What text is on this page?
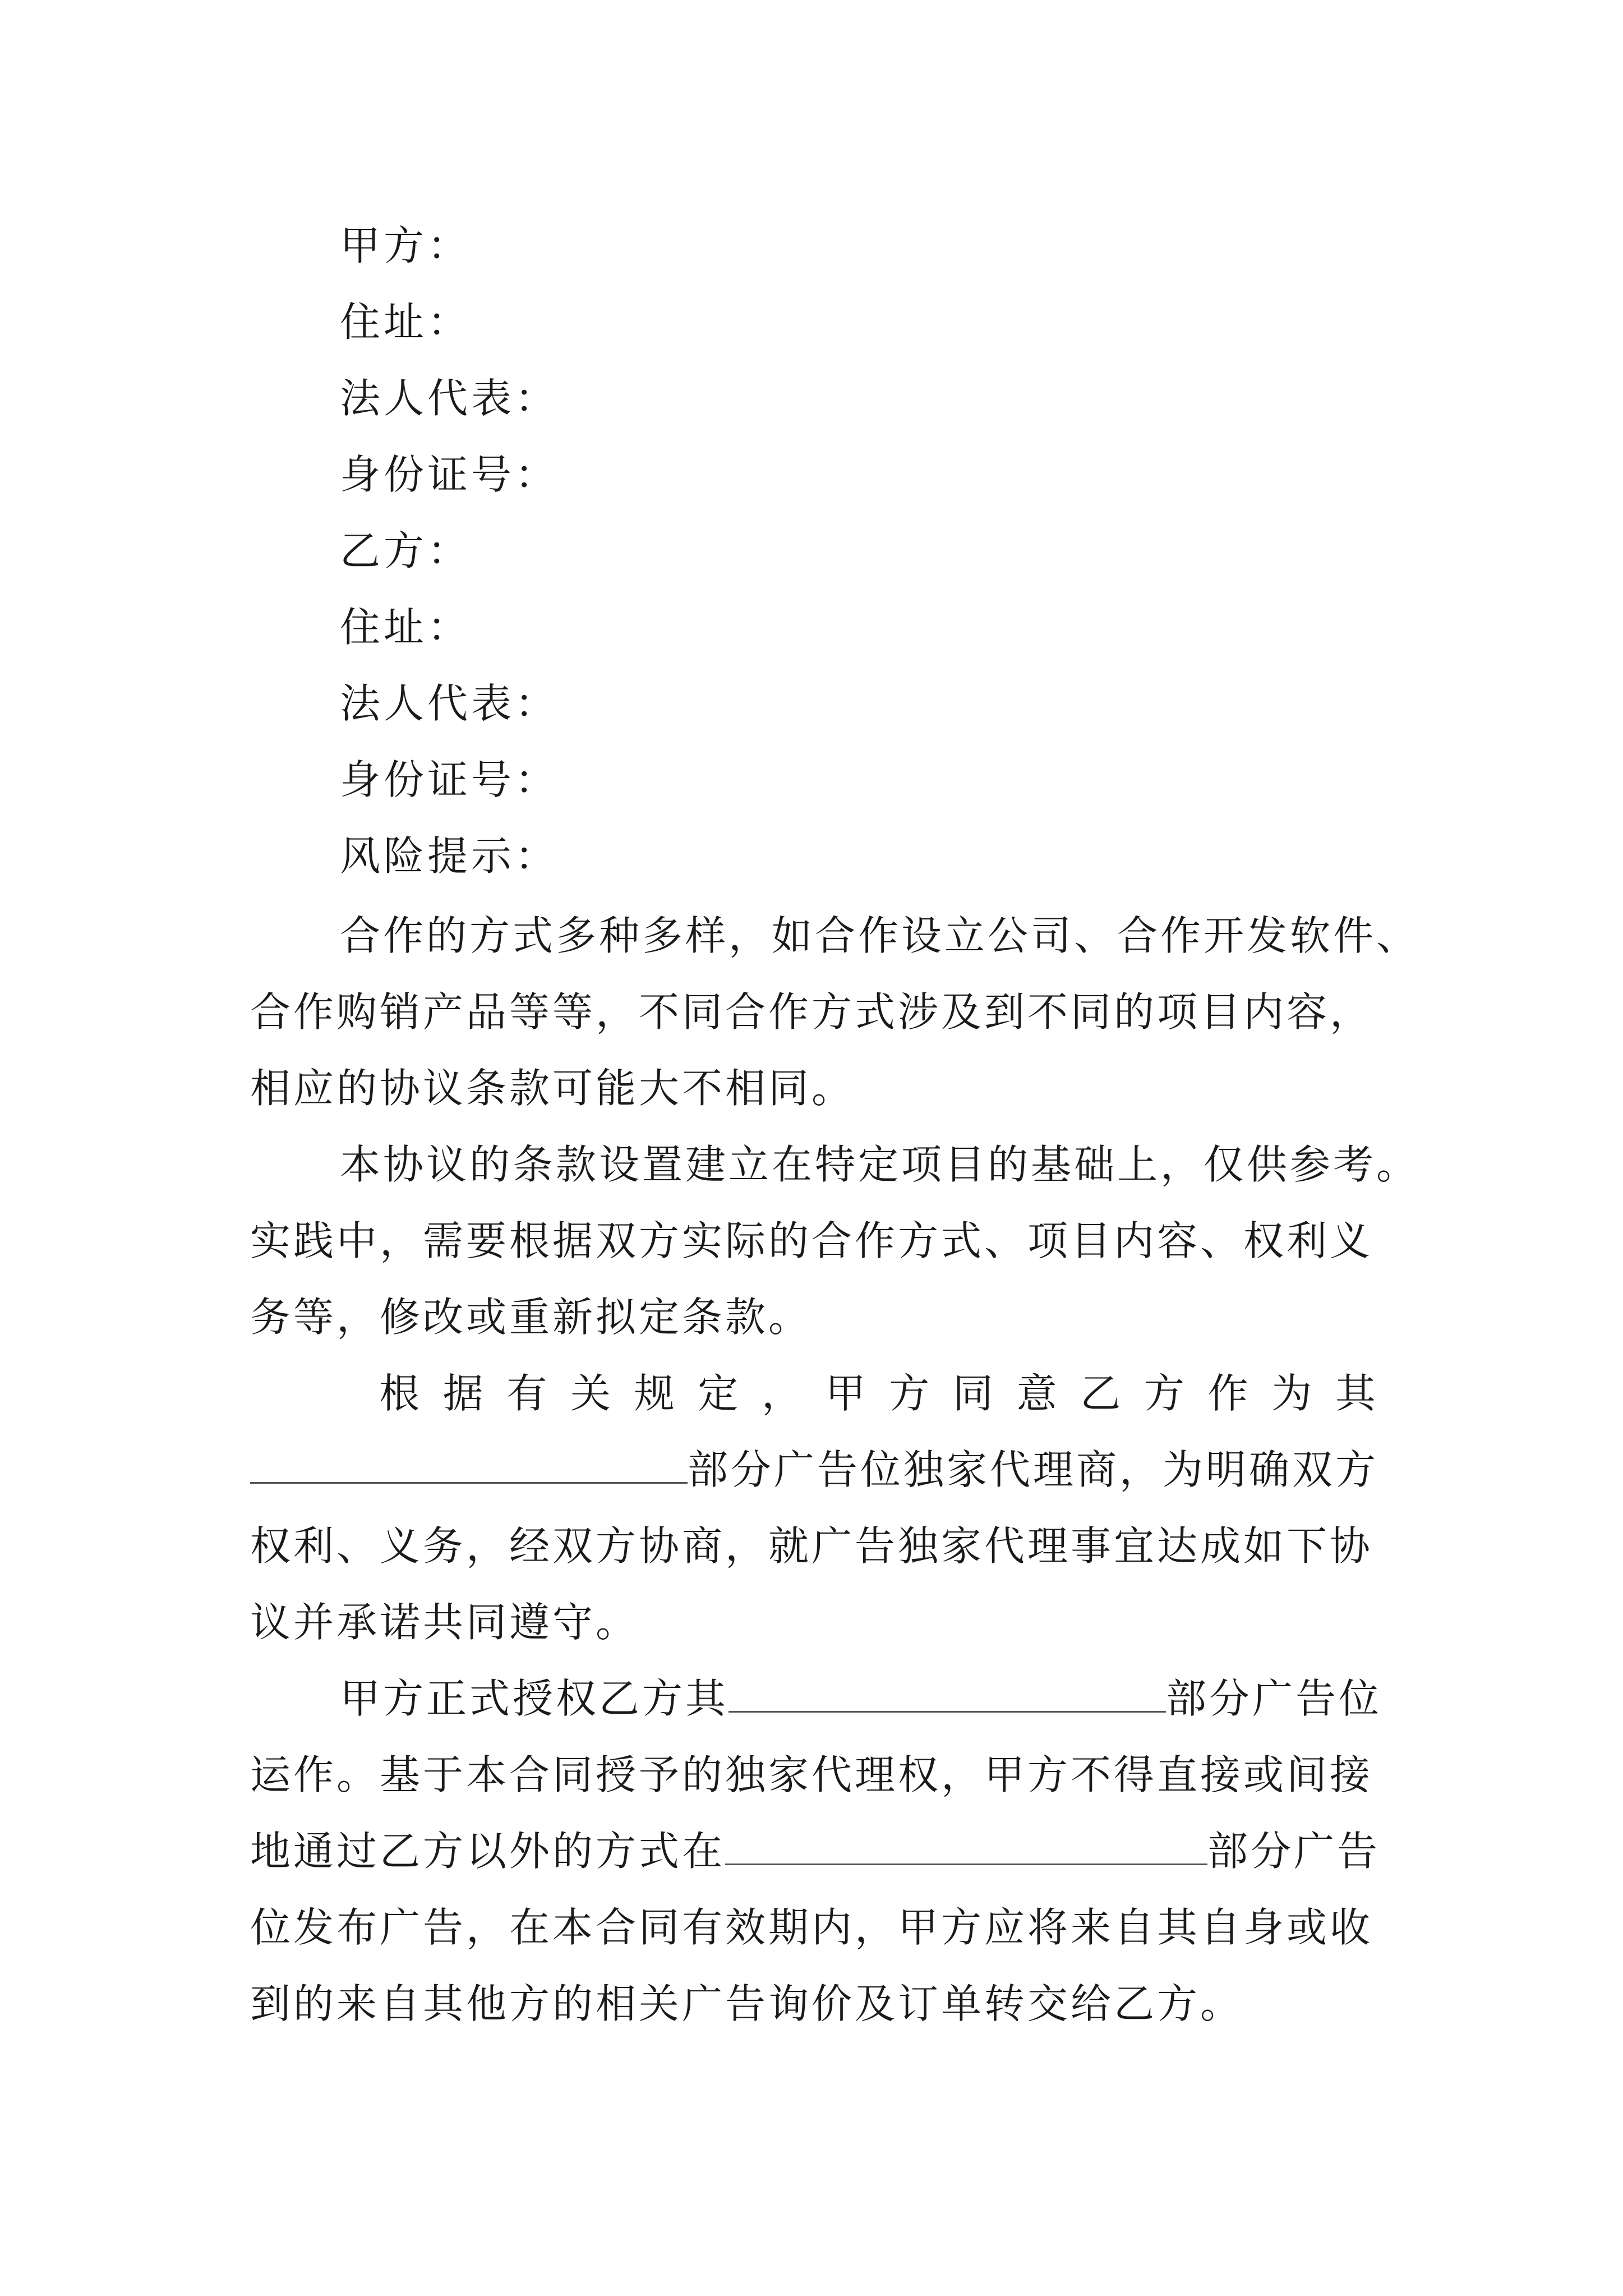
甲方：
住址：
法人代表：
身份证号：
乙方：
住址：
法人代表：
身份证号：
风险提示：
合作的方式多种多样，如合作设立公司、合作开发软件、
合作购销产品等等，不同合作方式涉及到不同的项目内容，
相应的协议条款可能大不相同。
本协议的条款设置建立在特定项目的基础上，仅供参考。
实践中，需要根据双方实际的合作方式、项目内容、权利义
务等，修改或重新拟定条款。
根 据 有 关 规 定 ， 甲 方 同 意 乙 方 作 为 其
部分广告位独家代理商，为明确双方
权利、义务，经双方协商，就广告独家代理事宜达成如下协
议并承诺共同遵守。
甲方正式授权乙方其	部分广告位
运作。基于本合同授予的独家代理权，甲方不得直接或间接
地通过乙方以外的方式在	部分广告
位发布广告，在本合同有效期内，甲方应将来自其自身或收
到的来自其他方的相关广告询价及订单转交给乙方。
